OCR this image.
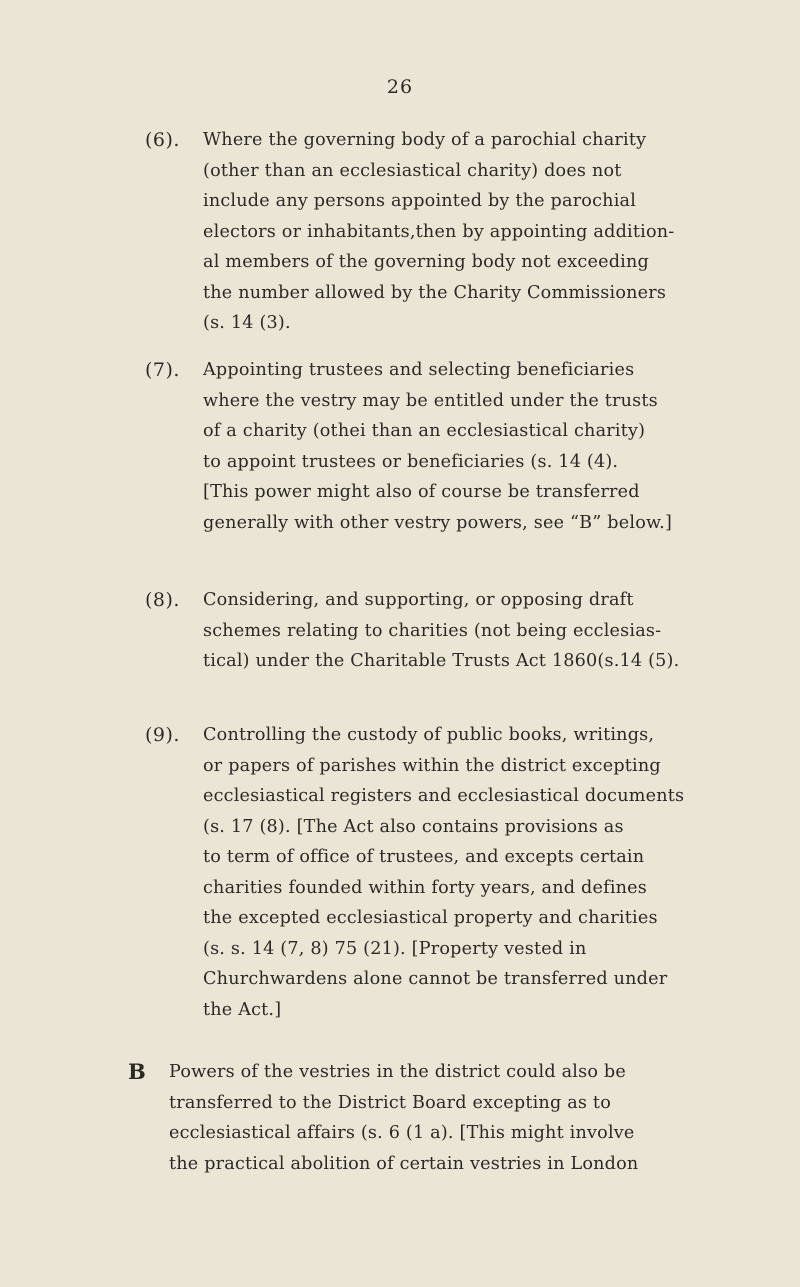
26
(6). Where the governing body of a parochial charity
(other than an ecclesiastical charity) does not
include any persons appointed by the parochial
electors or inhabitants,then by appointing addition-
al members of the governing body not exceeding
the number allowed by the Charity Commissioners
(s. 14 (3).
(7). Appointing trustees and selecting beneficiaries
where the vestry may be entitled under the trusts
of a charity (othei than an ecclesiastical charity)
to appoint trustees or beneficiaries (s. 14 (4).
[This power might also of course be transferred
generally with other vestry powers, see “B” below.]
(8). Considering, and supporting, or opposing draft
schemes relating to charities (not being ecclesias-
tical) under the Charitable Trusts Act 1860(s.14 (5).
(9). Controlling the custody of public books, writings,
or papers of parishes within the district excepting
ecclesiastical registers and ecclesiastical documents
(s. 17 (8). [The Act also contains provisions as
to term of office of trustees, and excepts certain
charities founded within forty years, and defines
the excepted ecclesiastical property and charities
(s. s. 14 (7, 8) 75 (21). [Property vested in
Churchwardens alone cannot be transferred under
the Act.]
B Powers of the vestries in the district could also be
transferred to the District Board excepting as to
ecclesiastical affairs (s. 6 (1 a). [This might involve
the practical abolition of certain vestries in London
